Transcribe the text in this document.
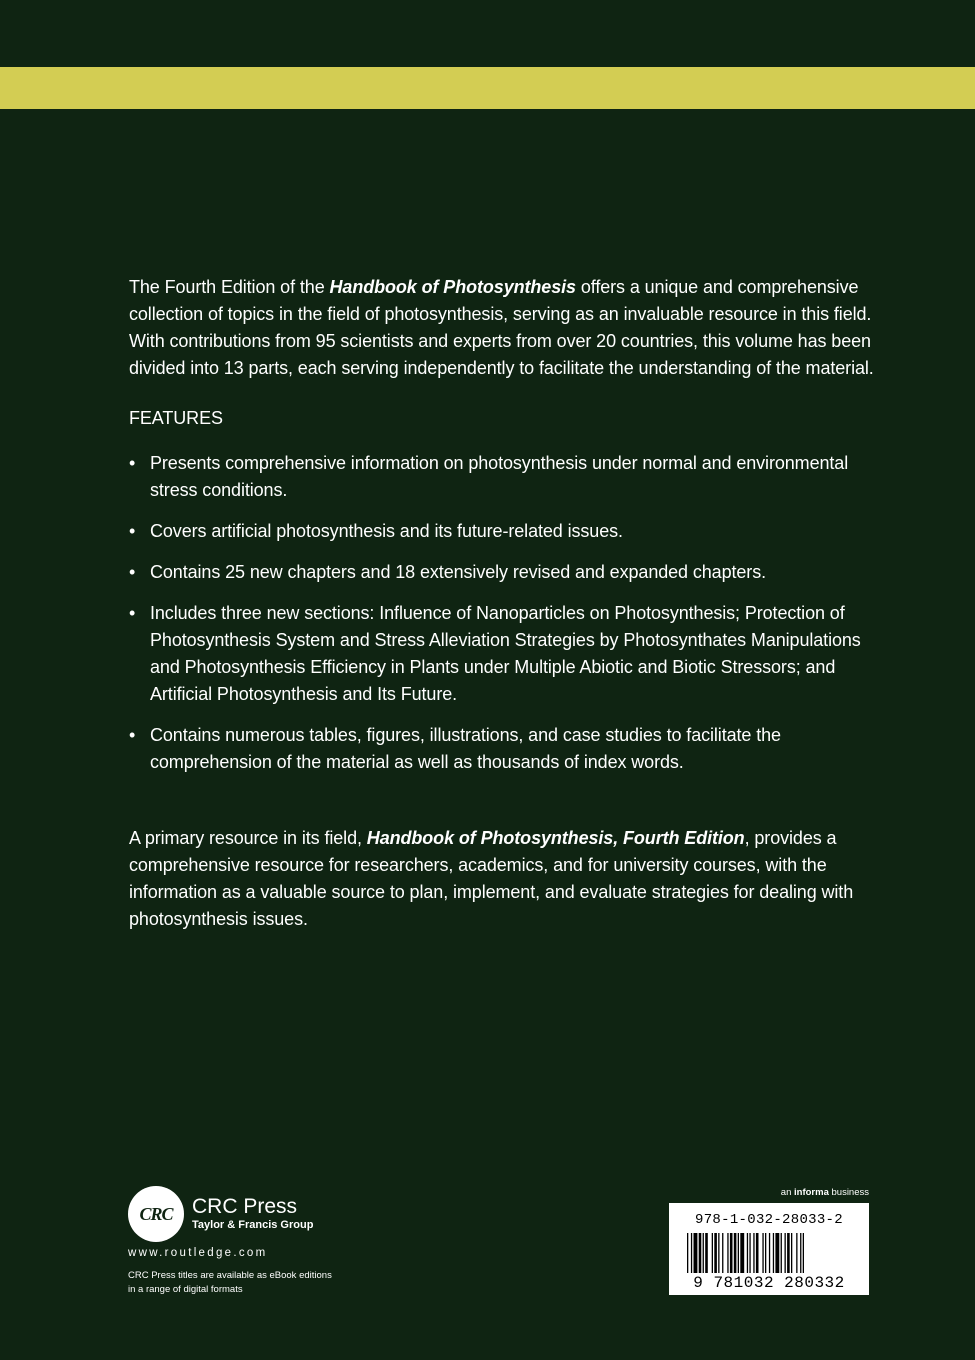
The Fourth Edition of the Handbook of Photosynthesis offers a unique and comprehensive collection of topics in the field of photosynthesis, serving as an invaluable resource in this field. With contributions from 95 scientists and experts from over 20 countries, this volume has been divided into 13 parts, each serving independently to facilitate the understanding of the material.

FEATURES

• Presents comprehensive information on photosynthesis under normal and environmental stress conditions.
• Covers artificial photosynthesis and its future-related issues.
• Contains 25 new chapters and 18 extensively revised and expanded chapters.
• Includes three new sections: Influence of Nanoparticles on Photosynthesis; Protection of Photosynthesis System and Stress Alleviation Strategies by Photosynthates Manipulations and Photosynthesis Efficiency in Plants under Multiple Abiotic and Biotic Stressors; and Artificial Photosynthesis and Its Future.
• Contains numerous tables, figures, illustrations, and case studies to facilitate the comprehension of the material as well as thousands of index words.

A primary resource in its field, Handbook of Photosynthesis, Fourth Edition, provides a comprehensive resource for researchers, academics, and for university courses, with the information as a valuable source to plan, implement, and evaluate strategies for dealing with photosynthesis issues.

CRC CRC Press
Taylor & Francis Group
www.routledge.com
CRC Press titles are available as eBook editions
in a range of digital formats
an informa business
978-1-032-28033-2
9 781032 280332
